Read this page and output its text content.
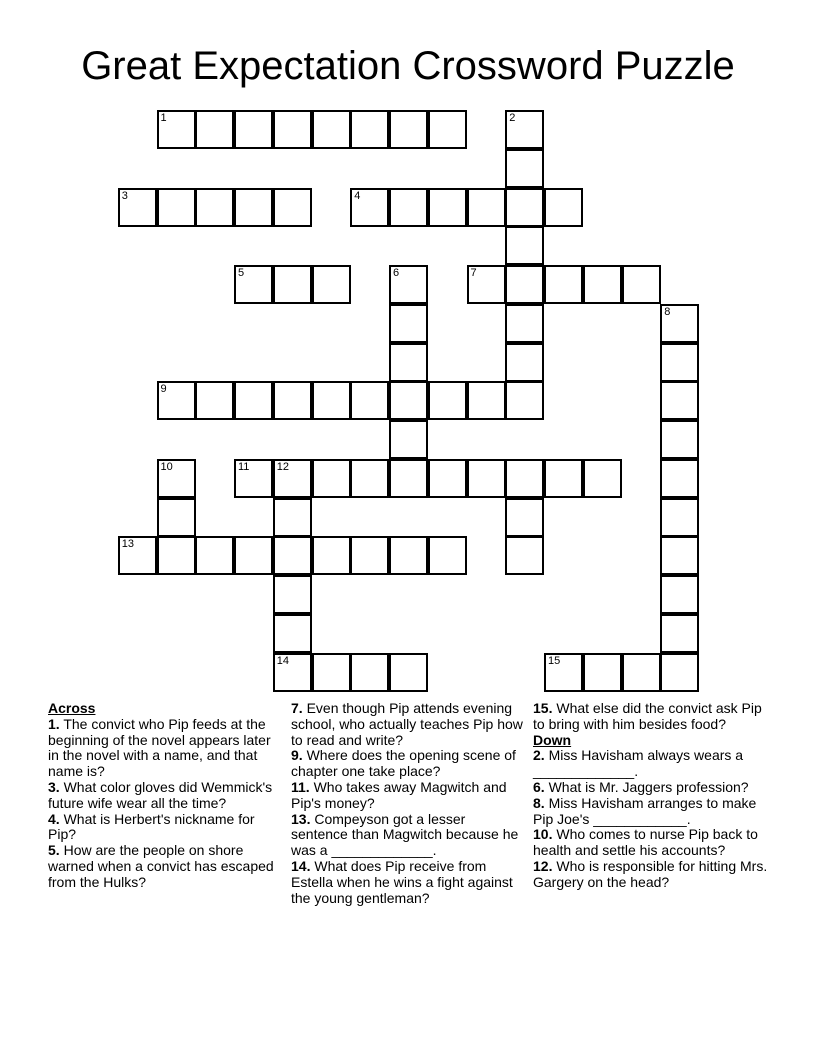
Great Expectation Crossword Puzzle
1	2
3	4
5	6	7
8
9
10	11 12
13
14	15
Across

1. The convict who Pip feeds at the beginning of the novel appears later in the novel with a name, and that name is?

3. What color gloves did Wemmick's future wife wear all the time?

4. What is Herbert's nickname for Pip?

5. How are the people on shore warned when a convict has escaped from the Hulks?

7. Even though Pip attends evening school, who actually teaches Pip how to read and write?

9. Where does the opening scene of chapter one take place?

11. Who takes away Magwitch and Pip's money?

13. Compeyson got a lesser sentence than Magwitch because he was a _____________.

14. What does Pip receive from Estella when he wins a fight against the young gentleman?

15. What else did the convict ask Pip to bring with him besides food?

Down

2. Miss Havisham always wears a _____________.

6. What is Mr. Jaggers profession?

8. Miss Havisham arranges to make Pip Joe's ____________.

10. Who comes to nurse Pip back to health and settle his accounts?

12. Who is responsible for hitting Mrs. Gargery on the head?
